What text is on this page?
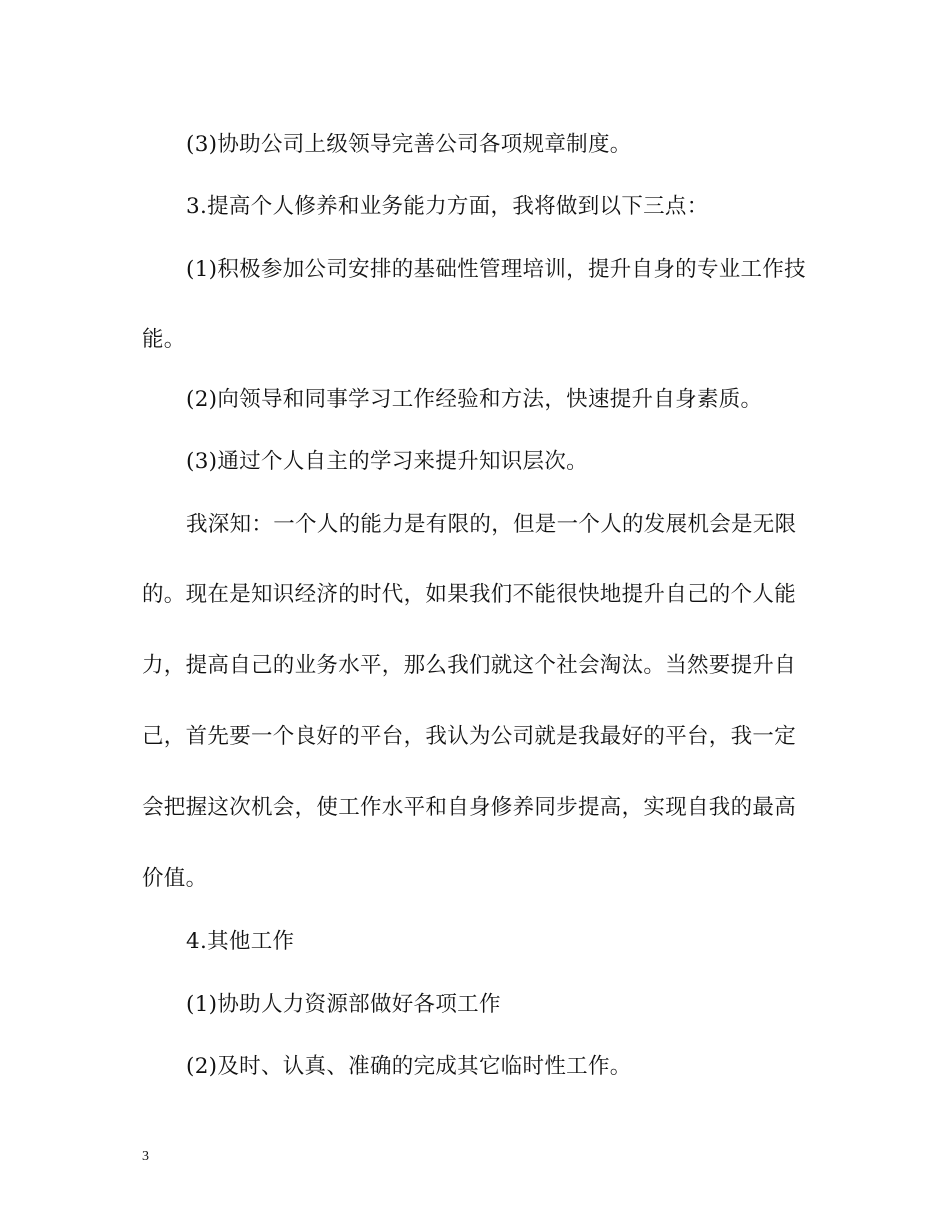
(3)协助公司上级领导完善公司各项规章制度。
3.提高个人修养和业务能力方面，我将做到以下三点：
(1)积极参加公司安排的基础性管理培训，提升自身的专业工作技
能。
(2)向领导和同事学习工作经验和方法，快速提升自身素质。
(3)通过个人自主的学习来提升知识层次。
我深知：一个人的能力是有限的，但是一个人的发展机会是无限
的。现在是知识经济的时代，如果我们不能很快地提升自己的个人能
力，提高自己的业务水平，那么我们就这个社会淘汰。当然要提升自
己，首先要一个良好的平台，我认为公司就是我最好的平台，我一定
会把握这次机会，使工作水平和自身修养同步提高，实现自我的最高
价值。
4.其他工作
(1)协助人力资源部做好各项工作
(2)及时、认真、准确的完成其它临时性工作。
3
